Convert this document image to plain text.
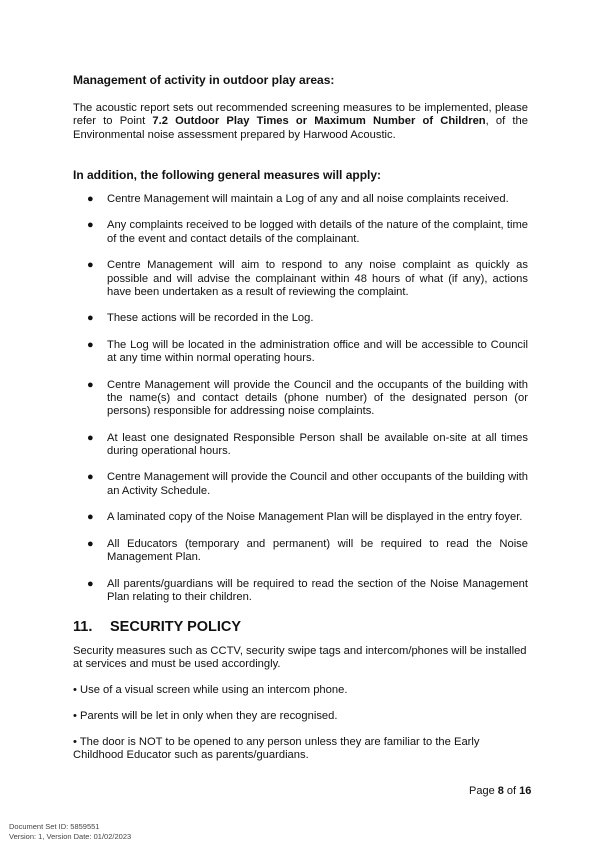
Management of activity in outdoor play areas:
The acoustic report sets out recommended screening measures to be implemented, please refer to Point 7.2 Outdoor Play Times or Maximum Number of Children, of the Environmental noise assessment prepared by Harwood Acoustic.
In addition, the following general measures will apply:
● Centre Management will maintain a Log of any and all noise complaints received.
● Any complaints received to be logged with details of the nature of the complaint, time of the event and contact details of the complainant.
● Centre Management will aim to respond to any noise complaint as quickly as possible and will advise the complainant within 48 hours of what (if any), actions have been undertaken as a result of reviewing the complaint.
● These actions will be recorded in the Log.
● The Log will be located in the administration office and will be accessible to Council at any time within normal operating hours.
● Centre Management will provide the Council and the occupants of the building with the name(s) and contact details (phone number) of the designated person (or persons) responsible for addressing noise complaints.
● At least one designated Responsible Person shall be available on-site at all times during operational hours.
● Centre Management will provide the Council and other occupants of the building with an Activity Schedule.
● A laminated copy of the Noise Management Plan will be displayed in the entry foyer.
● All Educators (temporary and permanent) will be required to read the Noise Management Plan.
● All parents/guardians will be required to read the section of the Noise Management Plan relating to their children.
11. SECURITY POLICY
Security measures such as CCTV, security swipe tags and intercom/phones will be installed at services and must be used accordingly.
• Use of a visual screen while using an intercom phone.
• Parents will be let in only when they are recognised.
• The door is NOT to be opened to any person unless they are familiar to the Early Childhood Educator such as parents/guardians.
Page 8 of 16
Document Set ID: 5859551
Version: 1, Version Date: 01/02/2023
